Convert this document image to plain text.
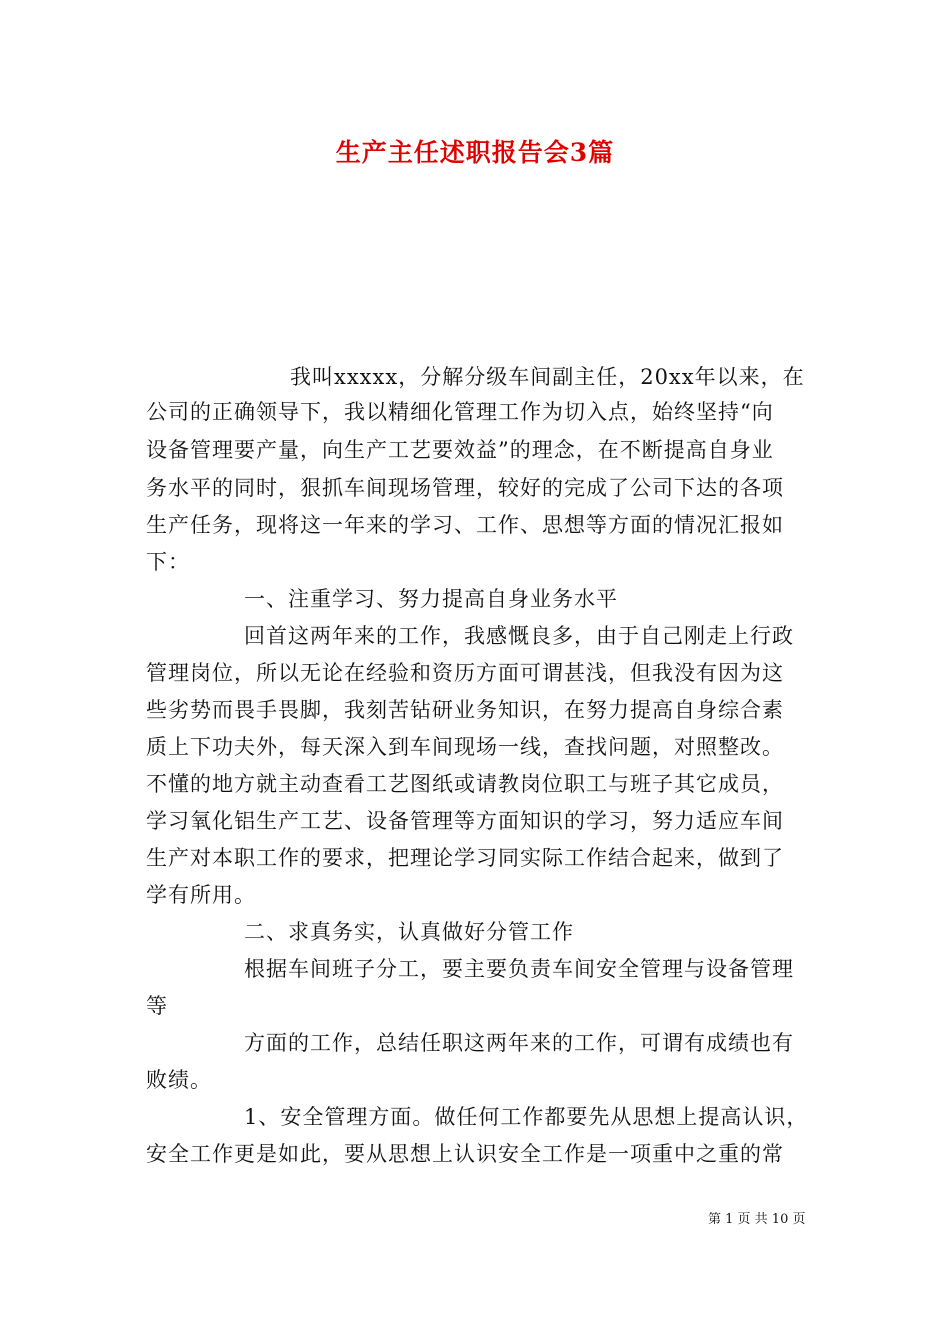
生产主任述职报告会3篇
我叫xxxxx，分解分级车间副主任，20xx年以来，在
公司的正确领导下，我以精细化管理工作为切入点，始终坚持“向
设备管理要产量，向生产工艺要效益”的理念，在不断提高自身业
务水平的同时，狠抓车间现场管理，较好的完成了公司下达的各项
生产任务，现将这一年来的学习、工作、思想等方面的情况汇报如
下：
一、注重学习、努力提高自身业务水平
回首这两年来的工作，我感慨良多，由于自己刚走上行政
管理岗位，所以无论在经验和资历方面可谓甚浅，但我没有因为这
些劣势而畏手畏脚，我刻苦钻研业务知识，在努力提高自身综合素
质上下功夫外，每天深入到车间现场一线，查找问题，对照整改。
不懂的地方就主动查看工艺图纸或请教岗位职工与班子其它成员，
学习氧化铝生产工艺、设备管理等方面知识的学习，努力适应车间
生产对本职工作的要求，把理论学习同实际工作结合起来，做到了
学有所用。
二、求真务实，认真做好分管工作
根据车间班子分工，要主要负责车间安全管理与设备管理
等
方面的工作，总结任职这两年来的工作，可谓有成绩也有
败绩。
1、安全管理方面。做任何工作都要先从思想上提高认识，
安全工作更是如此，要从思想上认识安全工作是一项重中之重的常
第 1 页 共 10 页
